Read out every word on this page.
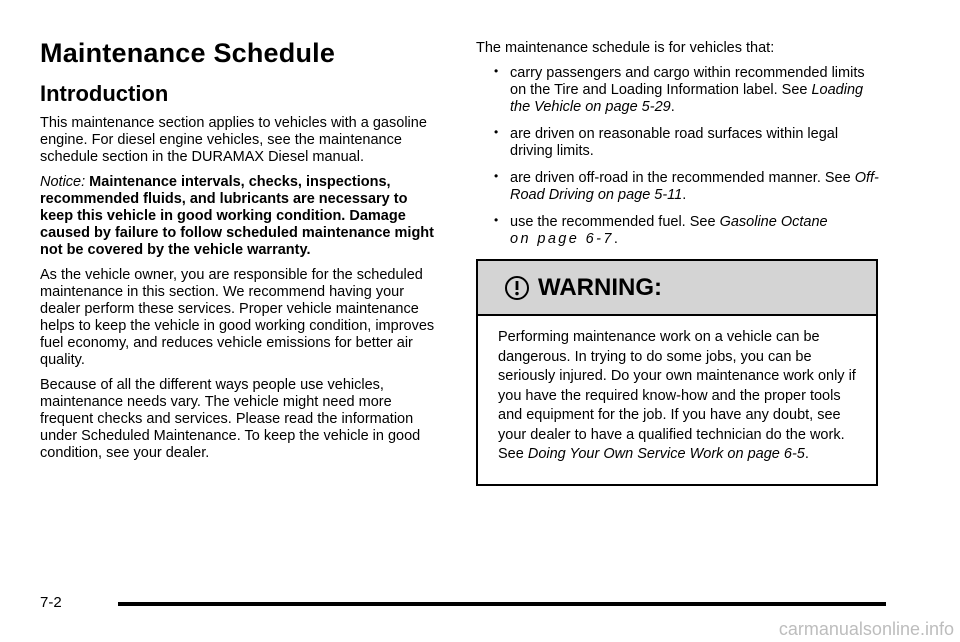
Maintenance Schedule
Introduction

This maintenance section applies to vehicles with a gasoline engine. For diesel engine vehicles, see the maintenance schedule section in the DURAMAX Diesel manual.

Notice: Maintenance intervals, checks, inspections, recommended fluids, and lubricants are necessary to keep this vehicle in good working condition. Damage caused by failure to follow scheduled maintenance might not be covered by the vehicle warranty.

As the vehicle owner, you are responsible for the scheduled maintenance in this section. We recommend having your dealer perform these services. Proper vehicle maintenance helps to keep the vehicle in good working condition, improves fuel economy, and reduces vehicle emissions for better air quality.

Because of all the different ways people use vehicles, maintenance needs vary. The vehicle might need more frequent checks and services. Please read the information under Scheduled Maintenance. To keep the vehicle in good condition, see your dealer.

The maintenance schedule is for vehicles that:

• carry passengers and cargo within recommended limits on the Tire and Loading Information label. See Loading the Vehicle on page 5-29.
• are driven on reasonable road surfaces within legal driving limits.
• are driven off-road in the recommended manner. See Off-Road Driving on page 5-11.
• use the recommended fuel. See Gasoline Octane
on page 6-7.
WARNING:
Performing maintenance work on a vehicle can be dangerous. In trying to do some jobs, you can be seriously injured. Do your own maintenance work only if you have the required know-how and the proper tools and equipment for the job. If you have any doubt, see your dealer to have a qualified technician do the work. See Doing Your Own Service Work on page 6-5.
7-2
carmanualsonline.info
